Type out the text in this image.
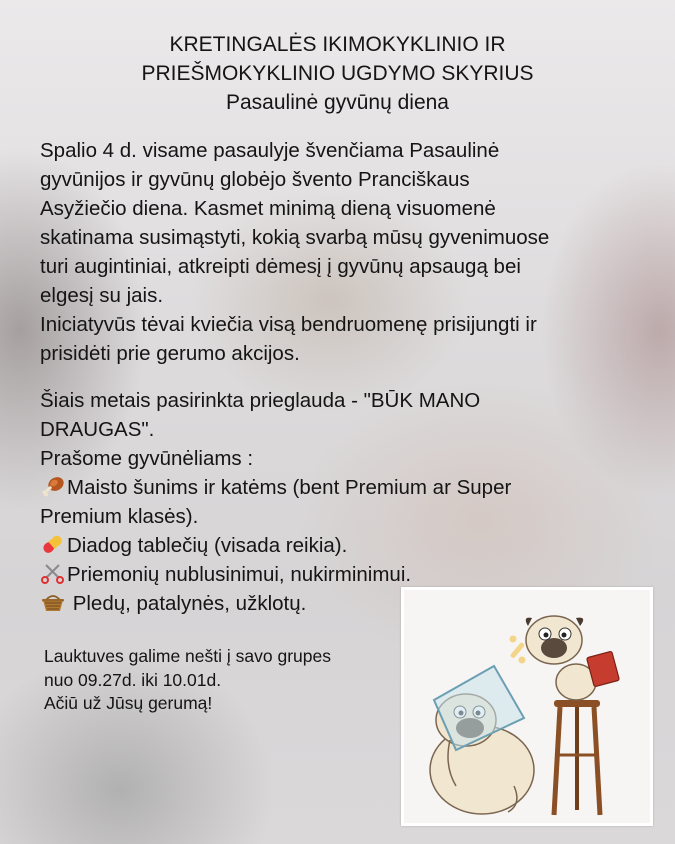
KRETINGALĖS IKIMOKYKLINIO IR
PRIEŠMOKYKLINIO UGDYMO SKYRIUS
Pasaulinė gyvūnų diena
Spalio 4 d. visame pasaulyje švenčiama Pasaulinė
gyvūnijos ir gyvūnų globėjo švento Pranciškaus
Asyžiečio diena. Kasmet minimą dieną visuomenė
skatinama susimąstyti, kokią svarbą mūsų gyvenimuose
turi augintiniai, atkreipti dėmesį į gyvūnų apsaugą bei
elgesį su jais.
Iniciatyvūs tėvai kviečia visą bendruomenę prisijungti ir
prisidėti prie gerumo akcijos.
Šiais metais pasirinkta prieglauda - "BŪK MANO
DRAUGAS".
Prašome gyvūnėliams :
Maisto šunims ir katėms (bent Premium ar Super
Premium klasės).
Diadog tablečių (visada reikia).
Priemonių nublusinimui, nukirminimui.
Pledų, patalynės, užklotų.
Lauktuves galime nešti į savo grupes
nuo 09.27d. iki 10.01d.
Ačiū už Jūsų gerumą!
